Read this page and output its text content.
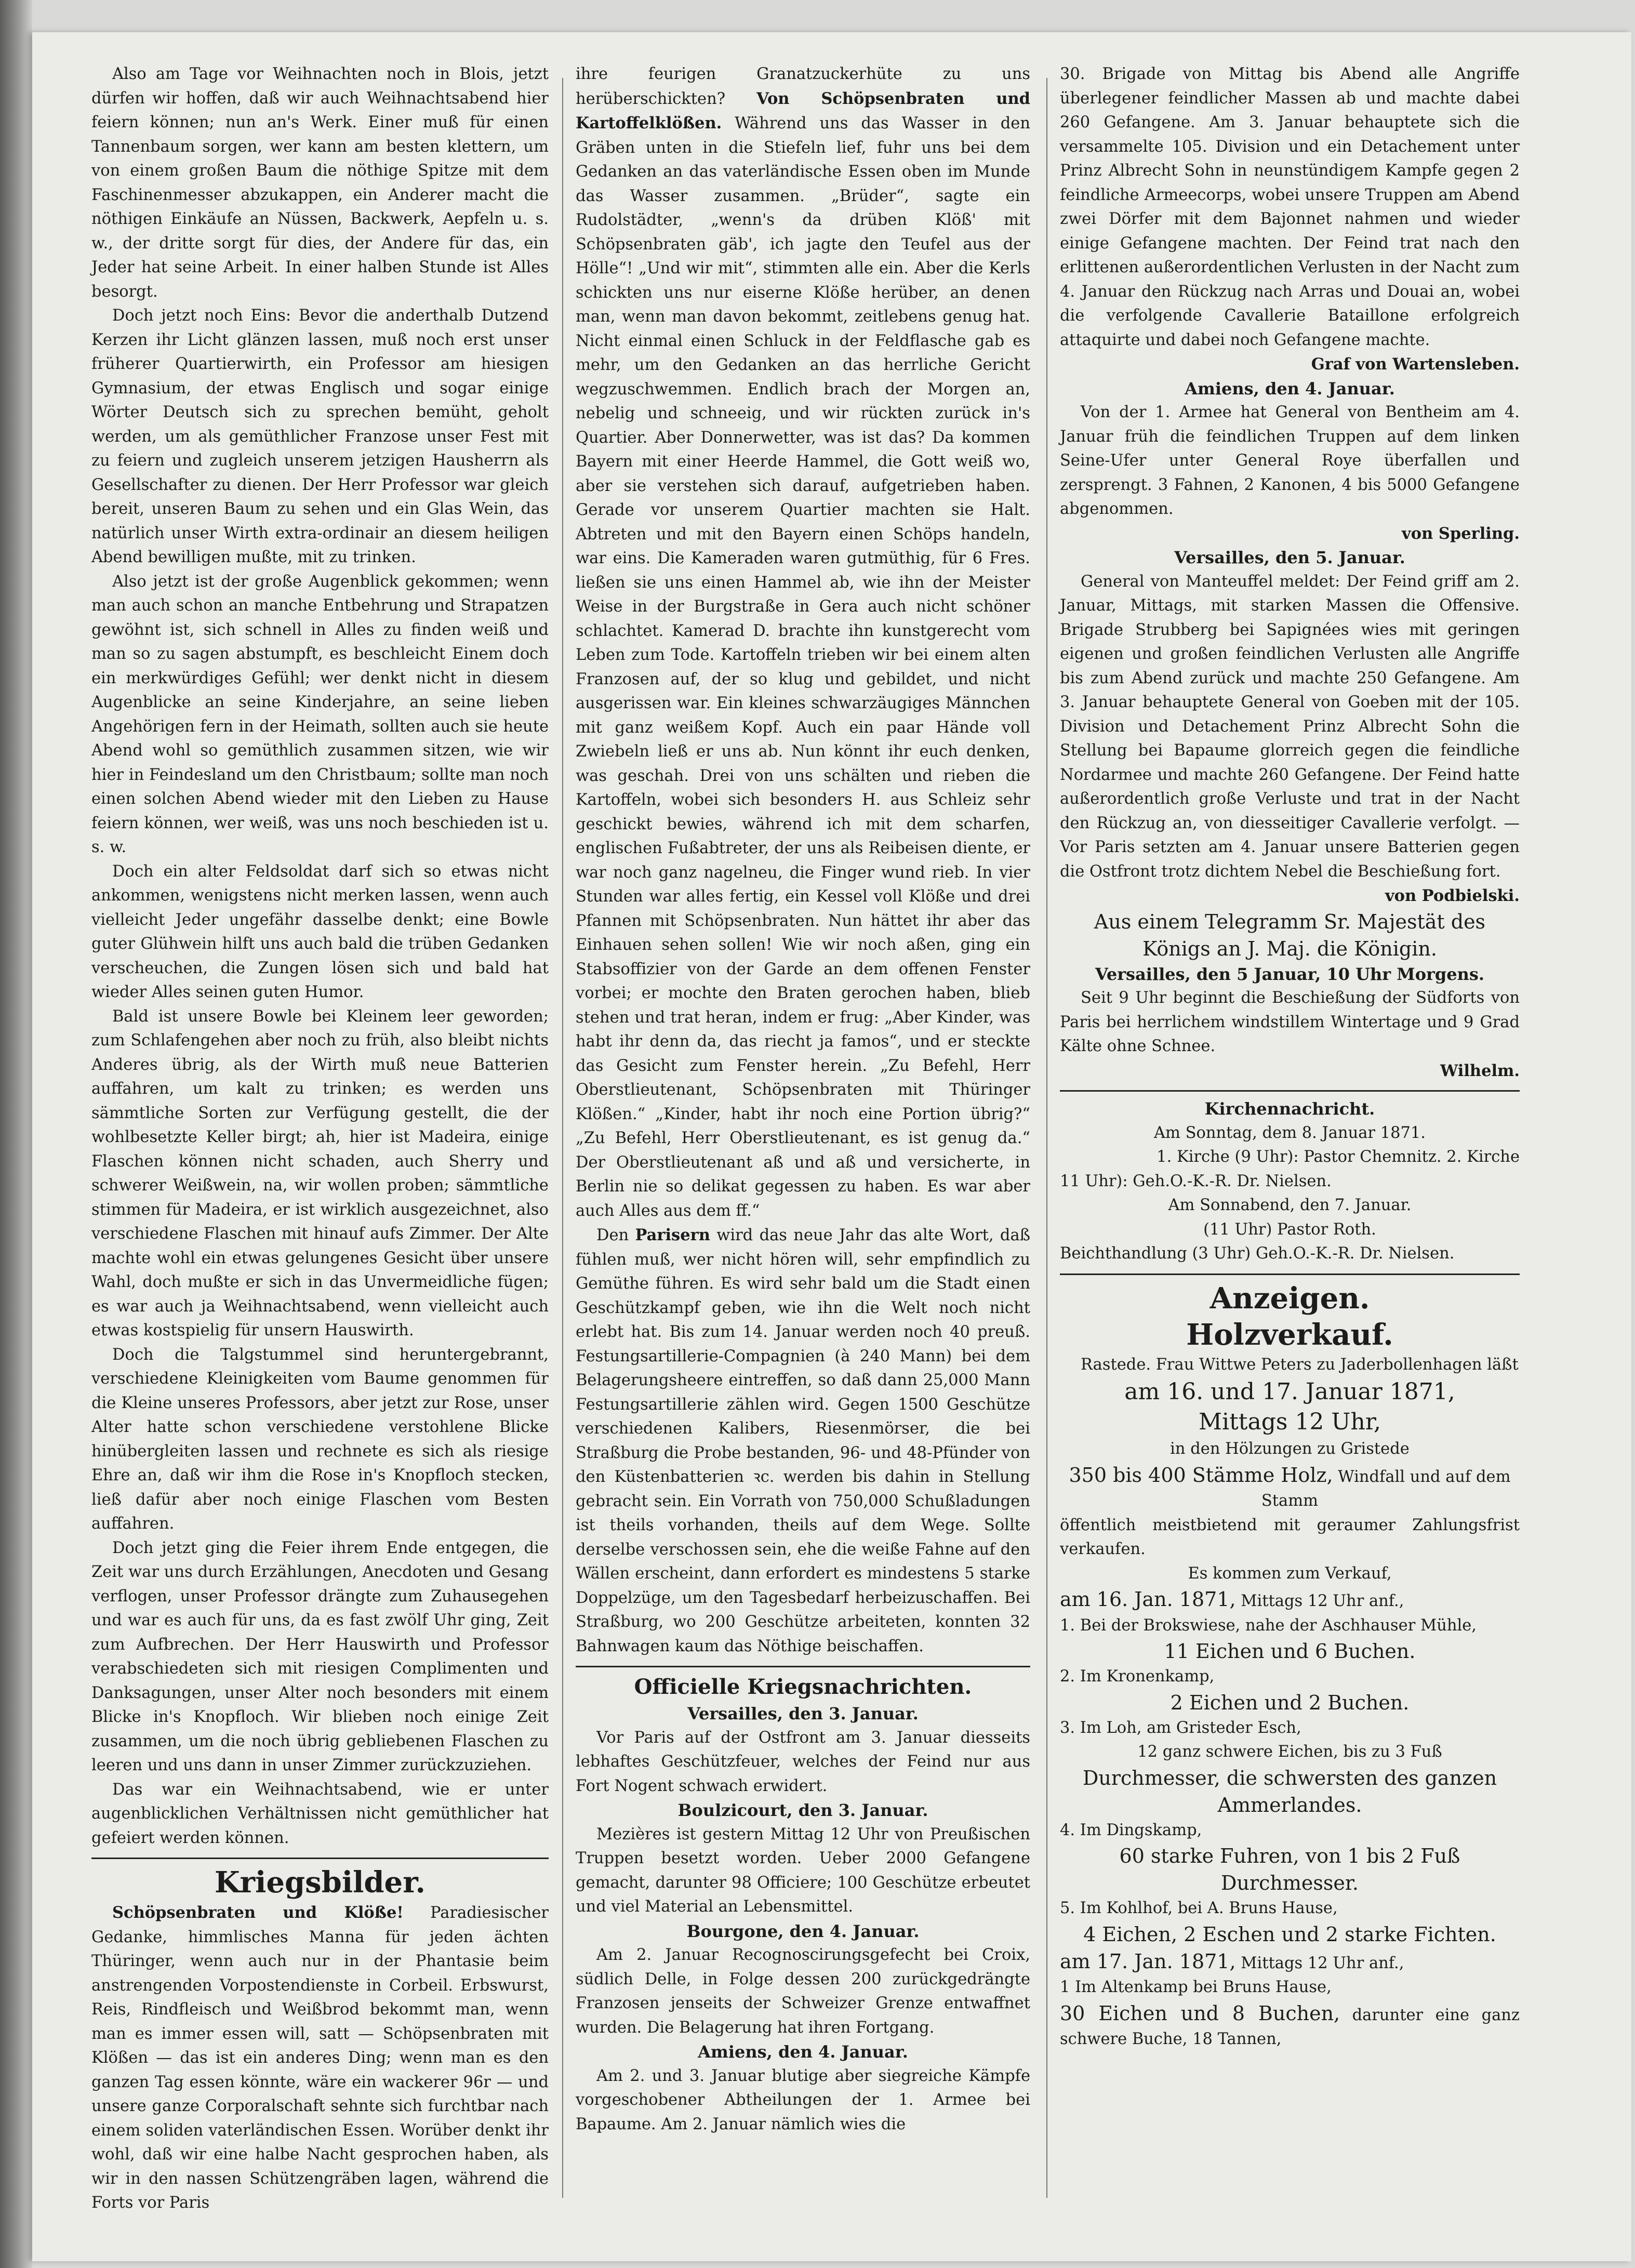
Also am Tage vor Weihnachten noch in Blois, jetzt dürfen wir hoffen, daß wir auch Weihnachtsabend hier feiern können; nun an's Werk. Einer muß für einen Tannenbaum sorgen, wer kann am besten klettern, um von einem großen Baum die nöthige Spitze mit dem Faschinenmesser abzukappen, ein Anderer macht die nöthigen Einkäufe an Nüssen, Backwerk, Aepfeln u. s. w., der dritte sorgt für dies, der Andere für das, ein Jeder hat seine Arbeit. In einer halben Stunde ist Alles besorgt.

Doch jetzt noch Eins: Bevor die anderthalb Dutzend Kerzen ihr Licht glänzen lassen, muß noch erst unser früherer Quartierwirth, ein Professor am hiesigen Gymnasium, der etwas Englisch und sogar einige Wörter Deutsch sich zu sprechen bemüht, geholt werden, um als gemüthlicher Franzose unser Fest mit zu feiern und zugleich unserem jetzigen Hausherrn als Gesellschafter zu dienen. Der Herr Professor war gleich bereit, unseren Baum zu sehen und ein Glas Wein, das natürlich unser Wirth extra-ordinair an diesem heiligen Abend bewilligen mußte, mit zu trinken.

Also jetzt ist der große Augenblick gekommen; wenn man auch schon an manche Entbehrung und Strapatzen gewöhnt ist, sich schnell in Alles zu finden weiß und man so zu sagen abstumpft, es beschleicht Einem doch ein merkwürdiges Gefühl; wer denkt nicht in diesem Augenblicke an seine Kinderjahre, an seine lieben Angehörigen fern in der Heimath, sollten auch sie heute Abend wohl so gemüthlich zusammen sitzen, wie wir hier in Feindesland um den Christbaum; sollte man noch einen solchen Abend wieder mit den Lieben zu Hause feiern können, wer weiß, was uns noch beschieden ist u. s. w.

Doch ein alter Feldsoldat darf sich so etwas nicht ankommen, wenigstens nicht merken lassen, wenn auch vielleicht Jeder ungefähr dasselbe denkt; eine Bowle guter Glühwein hilft uns auch bald die trüben Gedanken verscheuchen, die Zungen lösen sich und bald hat wieder Alles seinen guten Humor.

Bald ist unsere Bowle bei Kleinem leer geworden; zum Schlafengehen aber noch zu früh, also bleibt nichts Anderes übrig, als der Wirth muß neue Batterien auffahren, um kalt zu trinken; es werden uns sämmtliche Sorten zur Verfügung gestellt, die der wohlbesetzte Keller birgt; ah, hier ist Madeira, einige Flaschen können nicht schaden, auch Sherry und schwerer Weißwein, na, wir wollen proben; sämmtliche stimmen für Madeira, er ist wirklich ausgezeichnet, also verschiedene Flaschen mit hinauf aufs Zimmer. Der Alte machte wohl ein etwas gelungenes Gesicht über unsere Wahl, doch mußte er sich in das Unvermeidliche fügen; es war auch ja Weihnachtsabend, wenn vielleicht auch etwas kostspielig für unsern Hauswirth.

Doch die Talgstummel sind heruntergebrannt, verschiedene Kleinigkeiten vom Baume genommen für die Kleine unseres Professors, aber jetzt zur Rose, unser Alter hatte schon verschiedene verstohlene Blicke hinübergleiten lassen und rechnete es sich als riesige Ehre an, daß wir ihm die Rose in's Knopfloch stecken, ließ dafür aber noch einige Flaschen vom Besten auffahren.

Doch jetzt ging die Feier ihrem Ende entgegen, die Zeit war uns durch Erzählungen, Anecdoten und Gesang verflogen, unser Professor drängte zum Zuhausegehen und war es auch für uns, da es fast zwölf Uhr ging, Zeit zum Aufbrechen. Der Herr Hauswirth und Professor verabschiedeten sich mit riesigen Complimenten und Danksagungen, unser Alter noch besonders mit einem Blicke in's Knopfloch. Wir blieben noch einige Zeit zusammen, um die noch übrig gebliebenen Flaschen zu leeren und uns dann in unser Zimmer zurückzuziehen.

Das war ein Weihnachtsabend, wie er unter augenblicklichen Verhältnissen nicht gemüthlicher hat gefeiert werden können.

Kriegsbilder.

Schöpsenbraten und Klöße! Paradiesischer Gedanke, himmlisches Manna für jeden ächten Thüringer, wenn auch nur in der Phantasie beim anstrengenden Vorpostendienste in Corbeil. Erbswurst, Reis, Rindfleisch und Weißbrod bekommt man, wenn man es immer essen will, satt — Schöpsenbraten mit Klößen — das ist ein anderes Ding; wenn man es den ganzen Tag essen könnte, wäre ein wackerer 96r — und unsere ganze Corporalschaft sehnte sich furchtbar nach einem soliden vaterländischen Essen. Worüber denkt ihr wohl, daß wir eine halbe Nacht gesprochen haben, als wir in den nassen Schützengräben lagen, während die Forts vor Paris

ihre feurigen Granatzuckerhüte zu uns herüberschickten? Von Schöpsenbraten und Kartoffelklößen. Während uns das Wasser in den Gräben unten in die Stiefeln lief, fuhr uns bei dem Gedanken an das vaterländische Essen oben im Munde das Wasser zusammen. „Brüder“, sagte ein Rudolstädter, „wenn's da drüben Klöß' mit Schöpsenbraten gäb', ich jagte den Teufel aus der Hölle“! „Und wir mit“, stimmten alle ein. Aber die Kerls schickten uns nur eiserne Klöße herüber, an denen man, wenn man davon bekommt, zeitlebens genug hat. Nicht einmal einen Schluck in der Feldflasche gab es mehr, um den Gedanken an das herrliche Gericht wegzuschwemmen. Endlich brach der Morgen an, nebelig und schneeig, und wir rückten zurück in's Quartier. Aber Donnerwetter, was ist das? Da kommen Bayern mit einer Heerde Hammel, die Gott weiß wo, aber sie verstehen sich darauf, aufgetrieben haben. Gerade vor unserem Quartier machten sie Halt. Abtreten und mit den Bayern einen Schöps handeln, war eins. Die Kameraden waren gutmüthig, für 6 Fres. ließen sie uns einen Hammel ab, wie ihn der Meister Weise in der Burgstraße in Gera auch nicht schöner schlachtet. Kamerad D. brachte ihn kunstgerecht vom Leben zum Tode. Kartoffeln trieben wir bei einem alten Franzosen auf, der so klug und gebildet, und nicht ausgerissen war. Ein kleines schwarzäugiges Männchen mit ganz weißem Kopf. Auch ein paar Hände voll Zwiebeln ließ er uns ab. Nun könnt ihr euch denken, was geschah. Drei von uns schälten und rieben die Kartoffeln, wobei sich besonders H. aus Schleiz sehr geschickt bewies, während ich mit dem scharfen, englischen Fußabtreter, der uns als Reibeisen diente, er war noch ganz nagelneu, die Finger wund rieb. In vier Stunden war alles fertig, ein Kessel voll Klöße und drei Pfannen mit Schöpsenbraten. Nun hättet ihr aber das Einhauen sehen sollen! Wie wir noch aßen, ging ein Stabsoffizier von der Garde an dem offenen Fenster vorbei; er mochte den Braten gerochen haben, blieb stehen und trat heran, indem er frug: „Aber Kinder, was habt ihr denn da, das riecht ja famos“, und er steckte das Gesicht zum Fenster herein. „Zu Befehl, Herr Oberstlieutenant, Schöpsenbraten mit Thüringer Klößen.“ „Kinder, habt ihr noch eine Portion übrig?“ „Zu Befehl, Herr Oberstlieutenant, es ist genug da.“ Der Oberstlieutenant aß und aß und versicherte, in Berlin nie so delikat gegessen zu haben. Es war aber auch Alles aus dem ff.“

Den Parisern wird das neue Jahr das alte Wort, daß fühlen muß, wer nicht hören will, sehr empfindlich zu Gemüthe führen. Es wird sehr bald um die Stadt einen Geschützkampf geben, wie ihn die Welt noch nicht erlebt hat. Bis zum 14. Januar werden noch 40 preuß. Festungsartillerie-Compagnien (à 240 Mann) bei dem Belagerungsheere eintreffen, so daß dann 25,000 Mann Festungsartillerie zählen wird. Gegen 1500 Geschütze verschiedenen Kalibers, Riesenmörser, die bei Straßburg die Probe bestanden, 96- und 48-Pfünder von den Küstenbatterien ꝛc. werden bis dahin in Stellung gebracht sein. Ein Vorrath von 750,000 Schußladungen ist theils vorhanden, theils auf dem Wege. Sollte derselbe verschossen sein, ehe die weiße Fahne auf den Wällen erscheint, dann erfordert es mindestens 5 starke Doppelzüge, um den Tagesbedarf herbeizuschaffen. Bei Straßburg, wo 200 Geschütze arbeiteten, konnten 32 Bahnwagen kaum das Nöthige beischaffen.

Officielle Kriegsnachrichten.
Versailles, den 3. Januar.

Vor Paris auf der Ostfront am 3. Januar diesseits lebhaftes Geschützfeuer, welches der Feind nur aus Fort Nogent schwach erwidert.

Boulzicourt, den 3. Januar.

Mezières ist gestern Mittag 12 Uhr von Preußischen Truppen besetzt worden. Ueber 2000 Gefangene gemacht, darunter 98 Officiere; 100 Geschütze erbeutet und viel Material an Lebensmittel.

Bourgone, den 4. Januar.

Am 2. Januar Recognoscirungsgefecht bei Croix, südlich Delle, in Folge dessen 200 zurückgedrängte Franzosen jenseits der Schweizer Grenze entwaffnet wurden. Die Belagerung hat ihren Fortgang.

Amiens, den 4. Januar.

Am 2. und 3. Januar blutige aber siegreiche Kämpfe vorgeschobener Abtheilungen der 1. Armee bei Bapaume. Am 2. Januar nämlich wies die

30. Brigade von Mittag bis Abend alle Angriffe überlegener feindlicher Massen ab und machte dabei 260 Gefangene. Am 3. Januar behauptete sich die versammelte 105. Division und ein Detachement unter Prinz Albrecht Sohn in neunstündigem Kampfe gegen 2 feindliche Armeecorps, wobei unsere Truppen am Abend zwei Dörfer mit dem Bajonnet nahmen und wieder einige Gefangene machten. Der Feind trat nach den erlittenen außerordentlichen Verlusten in der Nacht zum 4. Januar den Rückzug nach Arras und Douai an, wobei die verfolgende Cavallerie Bataillone erfolgreich attaquirte und dabei noch Gefangene machte.

Graf von Wartensleben.
Amiens, den 4. Januar.

Von der 1. Armee hat General von Bentheim am 4. Januar früh die feindlichen Truppen auf dem linken Seine-Ufer unter General Roye überfallen und zersprengt. 3 Fahnen, 2 Kanonen, 4 bis 5000 Gefangene abgenommen.

von Sperling.
Versailles, den 5. Januar.

General von Manteuffel meldet: Der Feind griff am 2. Januar, Mittags, mit starken Massen die Offensive. Brigade Strubberg bei Sapignées wies mit geringen eigenen und großen feindlichen Verlusten alle Angriffe bis zum Abend zurück und machte 250 Gefangene. Am 3. Januar behauptete General von Goeben mit der 105. Division und Detachement Prinz Albrecht Sohn die Stellung bei Bapaume glorreich gegen die feindliche Nordarmee und machte 260 Gefangene. Der Feind hatte außerordentlich große Verluste und trat in der Nacht den Rückzug an, von diesseitiger Cavallerie verfolgt. — Vor Paris setzten am 4. Januar unsere Batterien gegen die Ostfront trotz dichtem Nebel die Beschießung fort.

von Podbielski.
Aus einem Telegramm Sr. Majestät des Königs an J. Maj. die Königin.
Versailles, den 5 Januar, 10 Uhr Morgens.

Seit 9 Uhr beginnt die Beschießung der Südforts von Paris bei herrlichem windstillem Wintertage und 9 Grad Kälte ohne Schnee.

Wilhelm.
Kirchennachricht.
Am Sonntag, dem 8. Januar 1871.
1. Kirche (9 Uhr): Pastor Chemnitz. 2. Kirche
11 Uhr): Geh.O.-K.-R. Dr. Nielsen.
Am Sonnabend, den 7. Januar.
(11 Uhr) Pastor Roth.
Beichthandlung (3 Uhr) Geh.O.-K.-R. Dr. Nielsen.
Anzeigen.
Holzverkauf.

Rastede. Frau Wittwe Peters zu Jaderbollenhagen läßt

am 16. und 17. Januar 1871,
Mittags 12 Uhr,
in den Hölzungen zu Gristede
350 bis 400 Stämme Holz, Windfall und auf dem Stamm

öffentlich meistbietend mit geraumer Zahlungsfrist verkaufen.

Es kommen zum Verkauf,
am 16. Jan. 1871, Mittags 12 Uhr anf.,
1. Bei der Brokswiese, nahe der Aschhauser Mühle,
11 Eichen und 6 Buchen.
2. Im Kronenkamp,
2 Eichen und 2 Buchen.
3. Im Loh, am Gristeder Esch,
12 ganz schwere Eichen, bis zu 3 Fuß
Durchmesser, die schwersten des ganzen Ammerlandes.
4. Im Dingskamp,
60 starke Fuhren, von 1 bis 2 Fuß Durchmesser.
5. Im Kohlhof, bei A. Bruns Hause,
4 Eichen, 2 Eschen und 2 starke Fichten.
am 17. Jan. 1871, Mittags 12 Uhr anf.,
1 Im Altenkamp bei Bruns Hause,
30 Eichen und 8 Buchen, darunter eine ganz schwere Buche, 18 Tannen,
